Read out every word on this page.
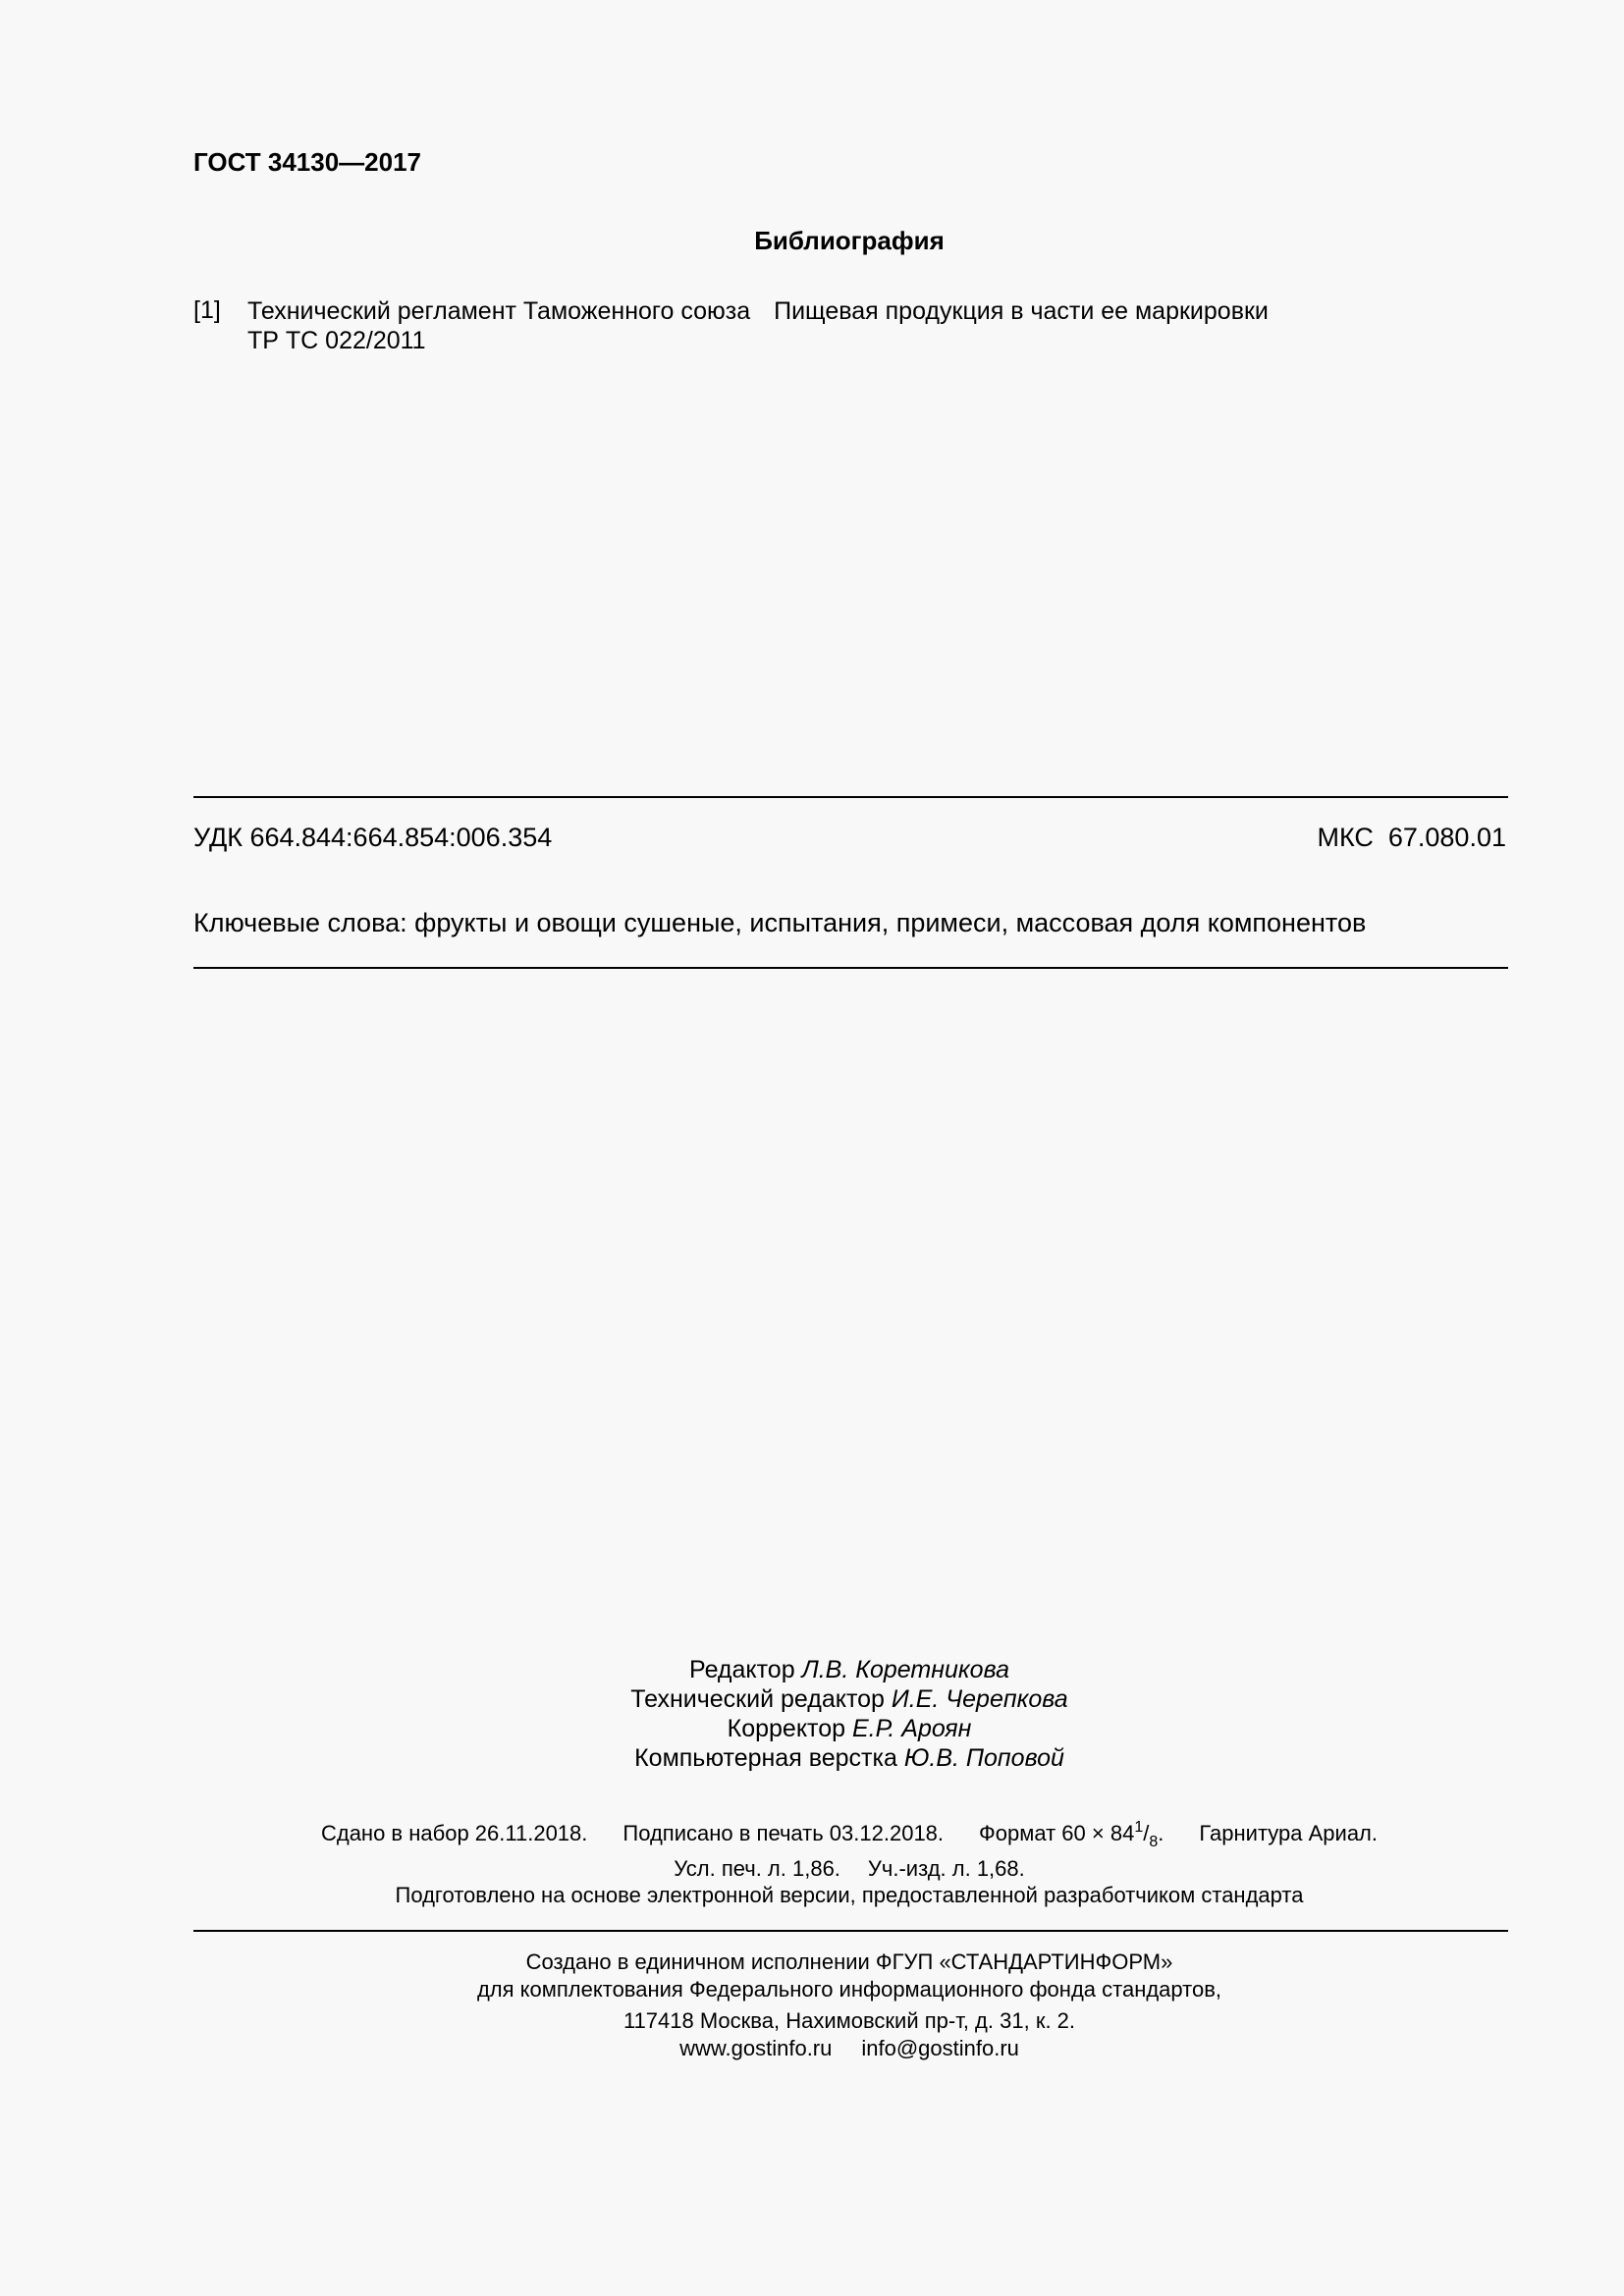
ГОСТ 34130—2017
Библиография
[1] Технический регламент Таможенного союза Пищевая продукция в части ее маркировки
ТР ТС 022/2011
УДК 664.844:664.854:006.354	МКС  67.080.01
Ключевые слова: фрукты и овощи сушеные, испытания, примеси, массовая доля компонентов
Редактор Л.В. Коретникова
Технический редактор И.Е. Черепкова
Корректор Е.Р. Ароян
Компьютерная верстка Ю.В. Поповой
Сдано в набор 26.11.2018. Подписано в печать 03.12.2018. Формат $60 \times 84^1/_8$. Гарнитура Ариал.
Усл. печ. л. 1,86. Уч.-изд. л. 1,68.
Подготовлено на основе электронной версии, предоставленной разработчиком стандарта
Создано в единичном исполнении ФГУП «СТАНДАРТИНФОРМ»
для комплектования Федерального информационного фонда стандартов,
117418 Москва, Нахимовский пр-т, д. 31, к. 2.
www.gostinfo.ru info@gostinfo.ru
